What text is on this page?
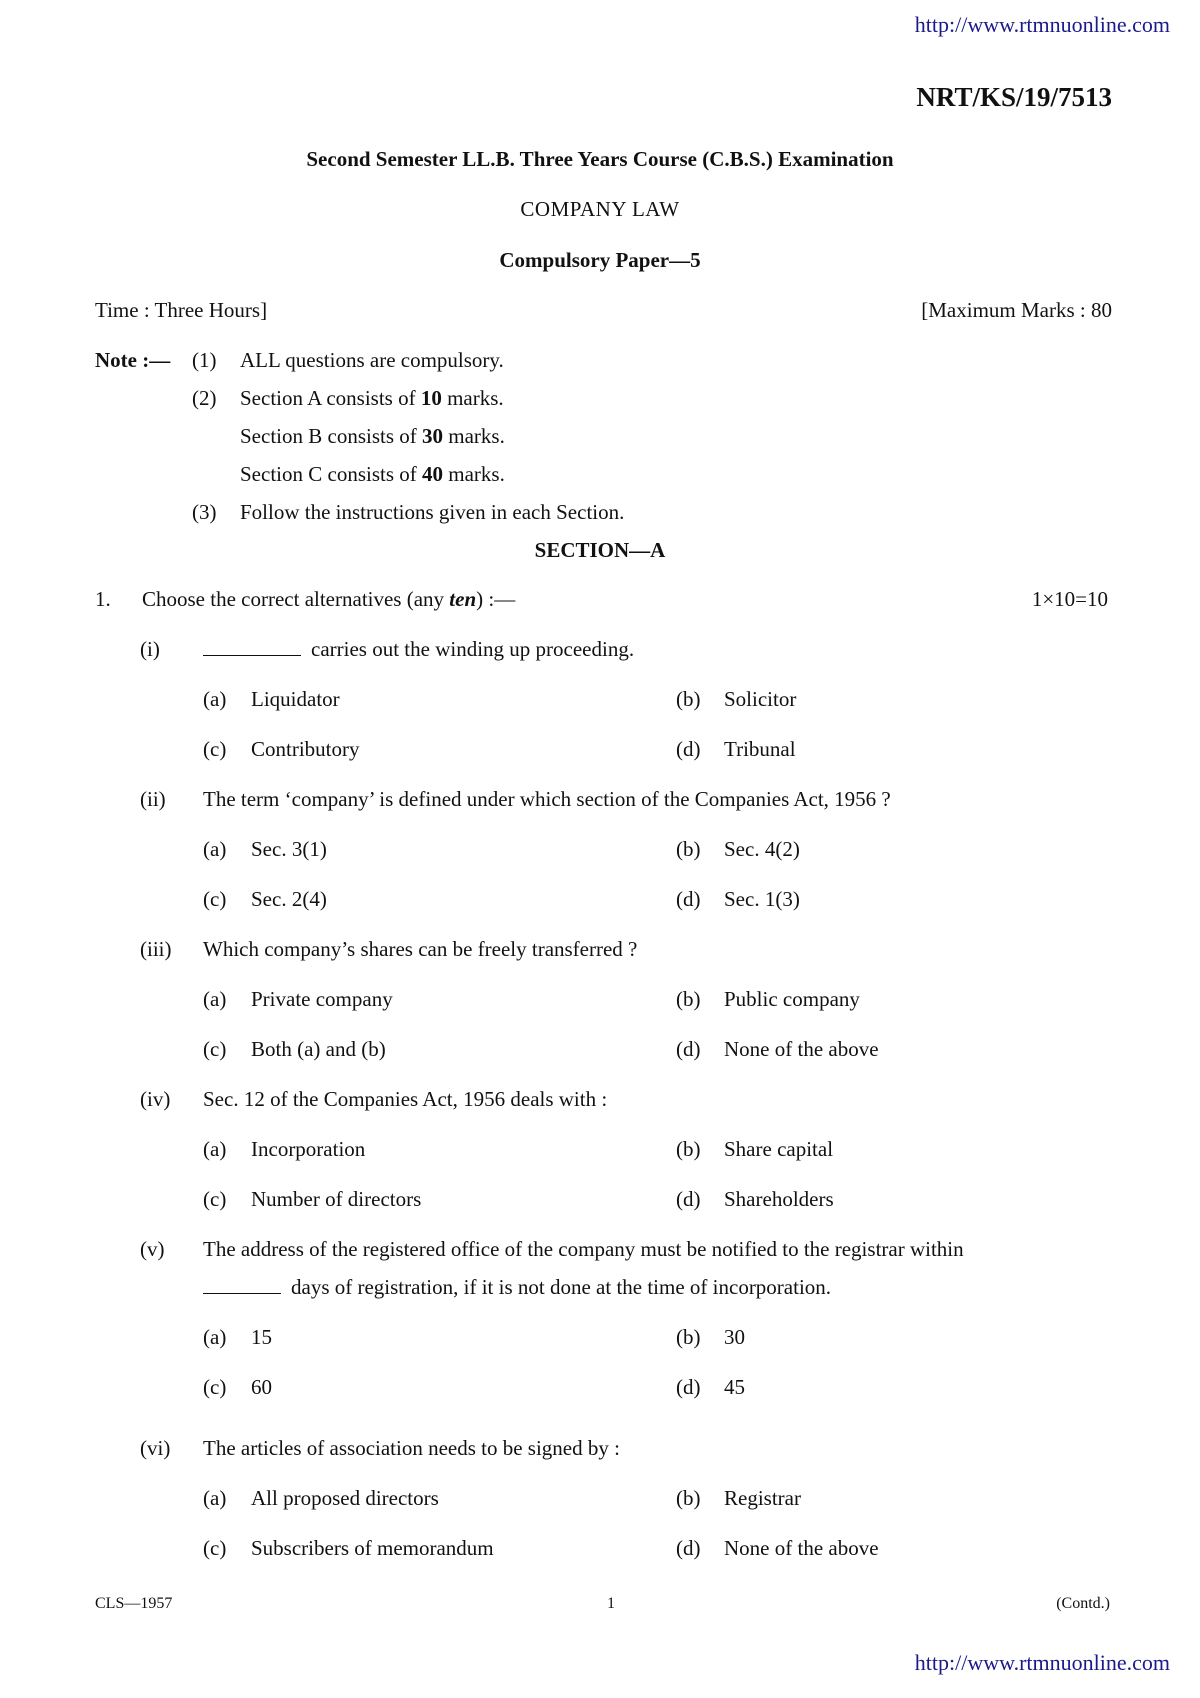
http://www.rtmnuonline.com
NRT/KS/19/7513
Second Semester LL.B. Three Years Course (C.B.S.) Examination
COMPANY LAW
Compulsory Paper—5
Time : Three Hours]	[Maximum Marks : 80
Note :— (1) ALL questions are compulsory.
(2) Section A consists of 10 marks.
Section B consists of 30 marks.
Section C consists of 40 marks.
(3) Follow the instructions given in each Section.
SECTION—A
1. Choose the correct alternatives (any ten) :—	1×10=10
(i)	carries out the winding up proceeding.
(a) Liquidator	(b) Solicitor
(c) Contributory	(d) Tribunal
(ii) The term ‘company’ is defined under which section of the Companies Act, 1956 ?
(a) Sec. 3(1)	(b) Sec. 4(2)
(c) Sec. 2(4)	(d) Sec. 1(3)
(iii) Which company’s shares can be freely transferred ?
(a) Private company	(b) Public company
(c) Both (a) and (b)	(d) None of the above
(iv) Sec. 12 of the Companies Act, 1956 deals with :
(a) Incorporation	(b) Share capital
(c) Number of directors	(d) Shareholders
(v) The address of the registered office of the company must be notified to the registrar within
days of registration, if it is not done at the time of incorporation.
(a) 15	(b) 30
(c) 60	(d) 45
(vi) The articles of association needs to be signed by :
(a) All proposed directors	(b) Registrar
(c) Subscribers of memorandum	(d) None of the above
CLS—1957	1	(Contd.)
http://www.rtmnuonline.com
